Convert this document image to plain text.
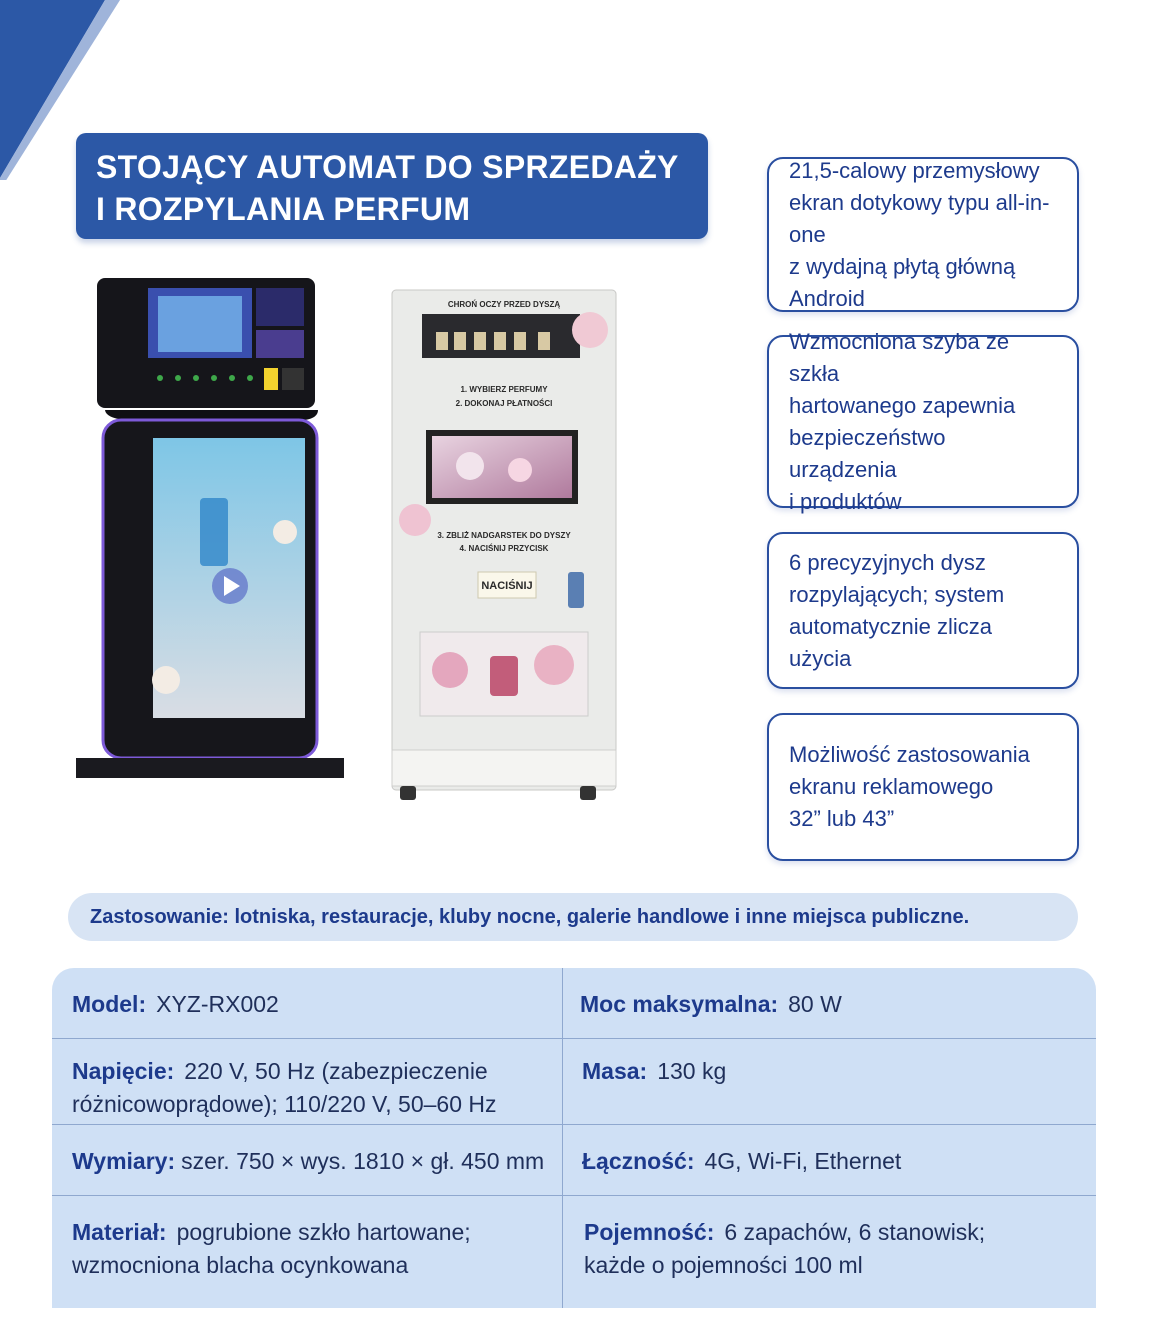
STOJĄCY AUTOMAT DO SPRZEDAŻY
I ROZPYLANIA PERFUM
CHROŃ OCZY PRZED DYSZĄ
1. WYBIERZ PERFUMY
2. DOKONAJ PŁATNOŚCI
3. ZBLIŻ NADGARSTEK DO DYSZY
4. NACIŚNIJ PRZYCISK
NACIŚNIJ
21,5-calowy przemysłowy
ekran dotykowy typu all-in-one
z wydajną płytą główną Android
Wzmocniona szyba ze szkła
hartowanego zapewnia
bezpieczeństwo urządzenia
i produktów
6 precyzyjnych dysz
rozpylających; system
automatycznie zlicza użycia
Możliwość zastosowania
ekranu reklamowego
32” lub 43”
Zastosowanie: lotniska, restauracje, kluby nocne, galerie handlowe i inne miejsca publiczne.
Model: XYZ-RX002	Moc maksymalna: 80 W
Napięcie: 220 V, 50 Hz (zabezpieczenie
różnicowoprądowe); 110/220 V, 50–60 Hz
Masa: 130 kg
Wymiary: szer. 750 × wys. 1810 × gł. 450 mm Łączność: 4G, Wi-Fi, Ethernet
Materiał: pogrubione szkło hartowane;
wzmocniona blacha ocynkowana
Pojemność: 6 zapachów, 6 stanowisk;
każde o pojemności 100 ml
